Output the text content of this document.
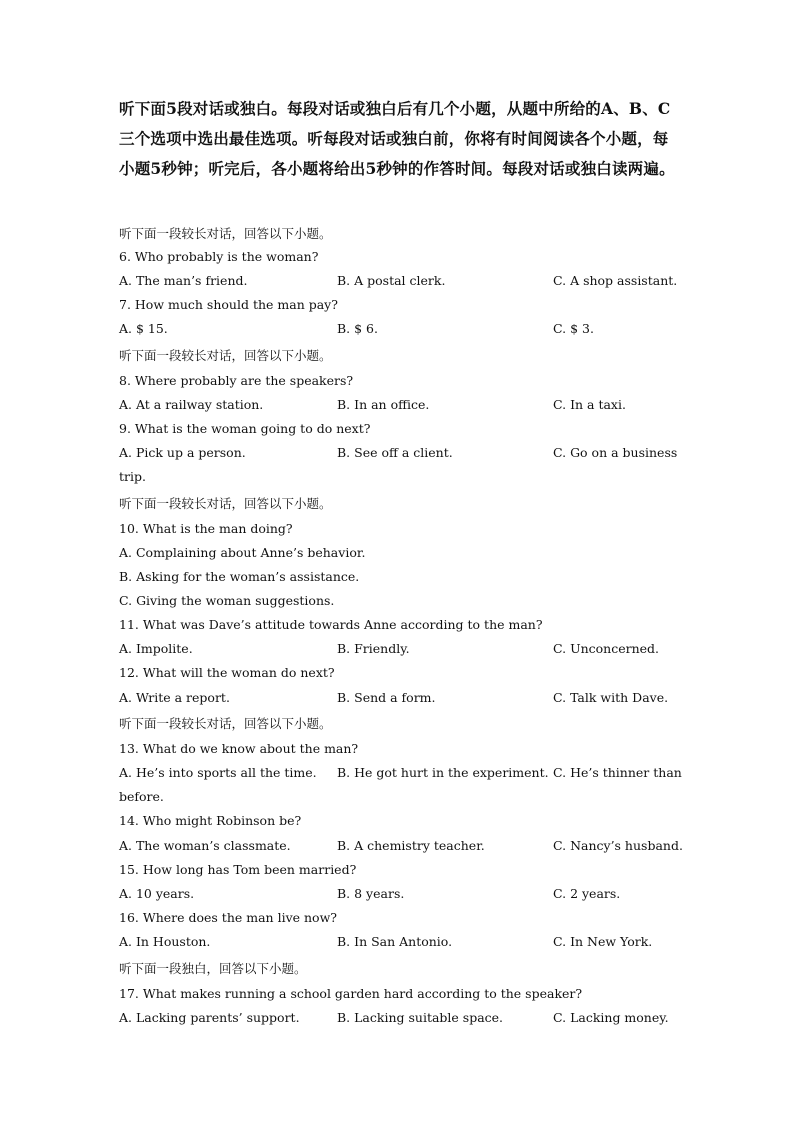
听下面5段对话或独白。每段对话或独白后有几个小题，从题中所给的A、B、C三个选项中选出最佳选项。听每段对话或独白前，你将有时间阅读各个小题，每小题5秒钟；听完后，各小题将给出5秒钟的作答时间。每段对话或独白读两遍。
听下面一段较长对话，回答以下小题。
6. Who probably is the woman?
A. The man’s friend.	B. A postal clerk.	C. A shop assistant.
7. How much should the man pay?
A. $ 15.	B. $ 6.	C. $ 3.
听下面一段较长对话，回答以下小题。
8. Where probably are the speakers?
A. At a railway station.	B. In an office.	C. In a taxi.
9. What is the woman going to do next?
A. Pick up a person.	B. See off a client.	C. Go on a business
trip.
听下面一段较长对话，回答以下小题。
10. What is the man doing?
A. Complaining about Anne’s behavior.
B. Asking for the woman’s assistance.
C. Giving the woman suggestions.
11. What was Dave’s attitude towards Anne according to the man?
A. Impolite.	B. Friendly.	C. Unconcerned.
12. What will the woman do next?
A. Write a report.	B. Send a form.	C. Talk with Dave.
听下面一段较长对话，回答以下小题。
13. What do we know about the man?
A. He’s into sports all the time. B. He got hurt in the experiment. C. He’s thinner than
before.
14. Who might Robinson be?
A. The woman’s classmate.	B. A chemistry teacher.	C. Nancy’s husband.
15. How long has Tom been married?
A. 10 years.	B. 8 years.	C. 2 years.
16. Where does the man live now?
A. In Houston.	B. In San Antonio.	C. In New York.
听下面一段独白，回答以下小题。
17. What makes running a school garden hard according to the speaker?
A. Lacking parents’ support.	B. Lacking suitable space.	C. Lacking money.
